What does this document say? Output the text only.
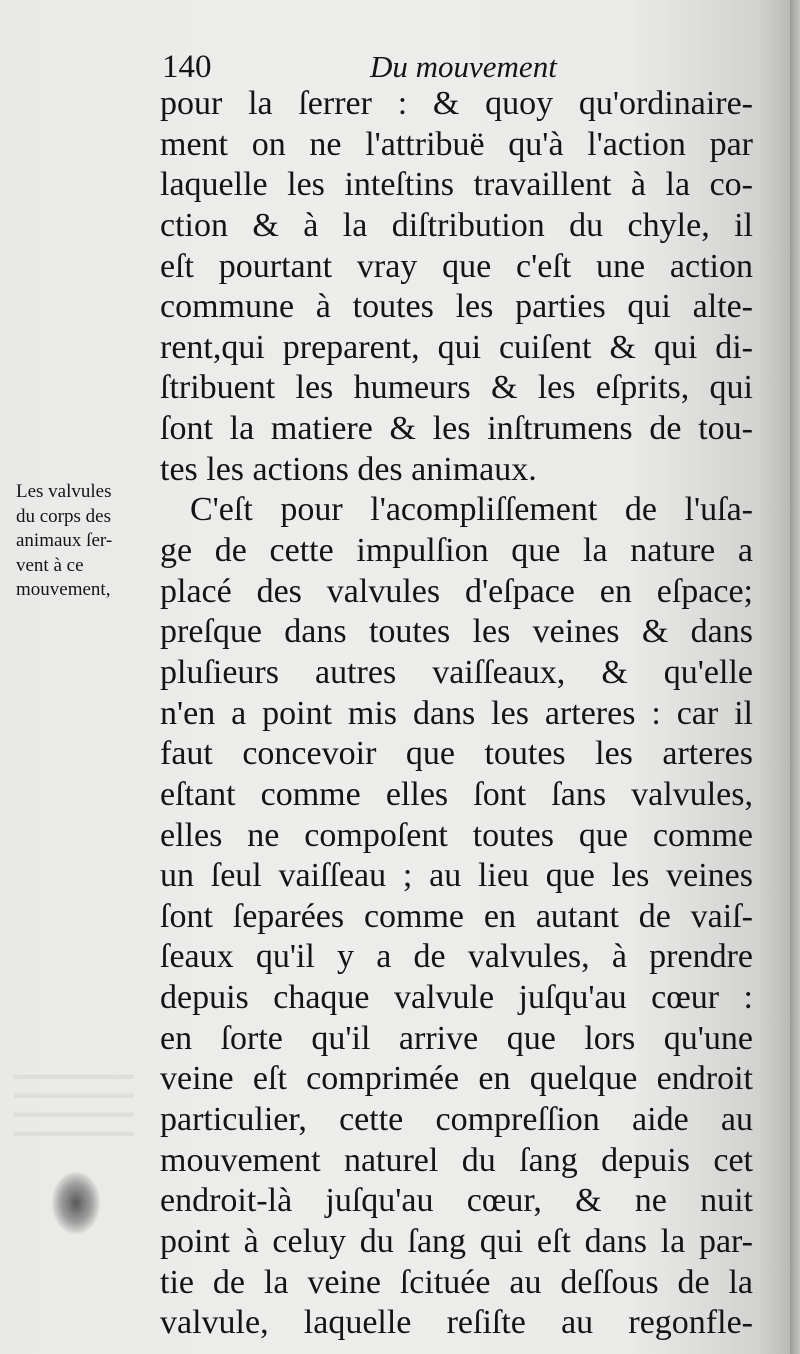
140	Du mouvement
Les valvules
du corps des
animaux ſer-
vent à ce
mouvement,
pour la ſerrer : & quoy qu'ordinaire-
ment on ne l'attribuë qu'à l'action par
laquelle les inteſtins travaillent à la co-
ction & à la diſtribution du chyle, il
eſt pourtant vray que c'eſt une action
commune à toutes les parties qui alte-
rent,qui preparent, qui cuiſent & qui di-
ſtribuent les humeurs & les eſprits, qui
ſont la matiere & les inſtrumens de tou-
tes les actions des animaux.
C'eſt pour l'acompliſſement de l'uſa-
ge de cette impulſion que la nature a
placé des valvules d'eſpace en eſpace;
preſque dans toutes les veines & dans
pluſieurs autres vaiſſeaux, & qu'elle
n'en a point mis dans les arteres : car il
faut concevoir que toutes les arteres
eſtant comme elles ſont ſans valvules,
elles ne compoſent toutes que comme
un ſeul vaiſſeau ; au lieu que les veines
ſont ſeparées comme en autant de vaiſ-
ſeaux qu'il y a de valvules, à prendre
depuis chaque valvule juſqu'au cœur :
en ſorte qu'il arrive que lors qu'une
veine eſt comprimée en quelque endroit
particulier, cette compreſſion aide au
mouvement naturel du ſang depuis cet
endroit-là juſqu'au cœur, & ne nuit
point à celuy du ſang qui eſt dans la par-
tie de la veine ſcituée au deſſous de la
valvule, laquelle reſiſte au regonfle-
